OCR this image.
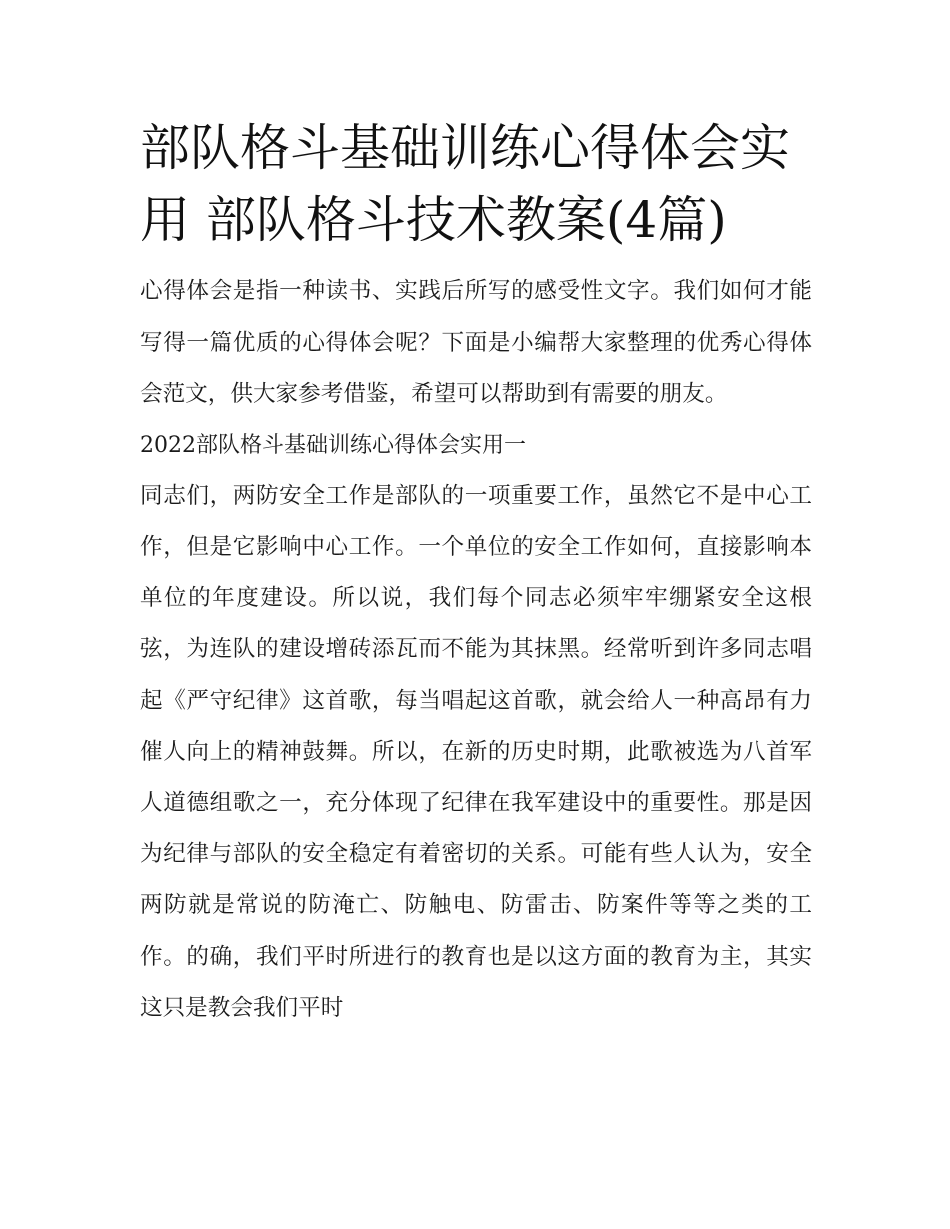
部队格斗基础训练心得体会实用 部队格斗技术教案(4篇)

心得体会是指一种读书、实践后所写的感受性文字。我们如何才能写得一篇优质的心得体会呢？下面是小编帮大家整理的优秀心得体会范文，供大家参考借鉴，希望可以帮助到有需要的朋友。

2022部队格斗基础训练心得体会实用一

同志们，两防安全工作是部队的一项重要工作，虽然它不是中心工作，但是它影响中心工作。一个单位的安全工作如何，直接影响本单位的年度建设。所以说，我们每个同志必须牢牢绷紧安全这根弦，为连队的建设增砖添瓦而不能为其抹黑。经常听到许多同志唱起《严守纪律》这首歌，每当唱起这首歌，就会给人一种高昂有力催人向上的精神鼓舞。所以，在新的历史时期，此歌被选为八首军人道德组歌之一，充分体现了纪律在我军建设中的重要性。那是因为纪律与部队的安全稳定有着密切的关系。可能有些人认为，安全两防就是常说的防淹亡、防触电、防雷击、防案件等等之类的工作。的确，我们平时所进行的教育也是以这方面的教育为主，其实这只是教会我们平时
